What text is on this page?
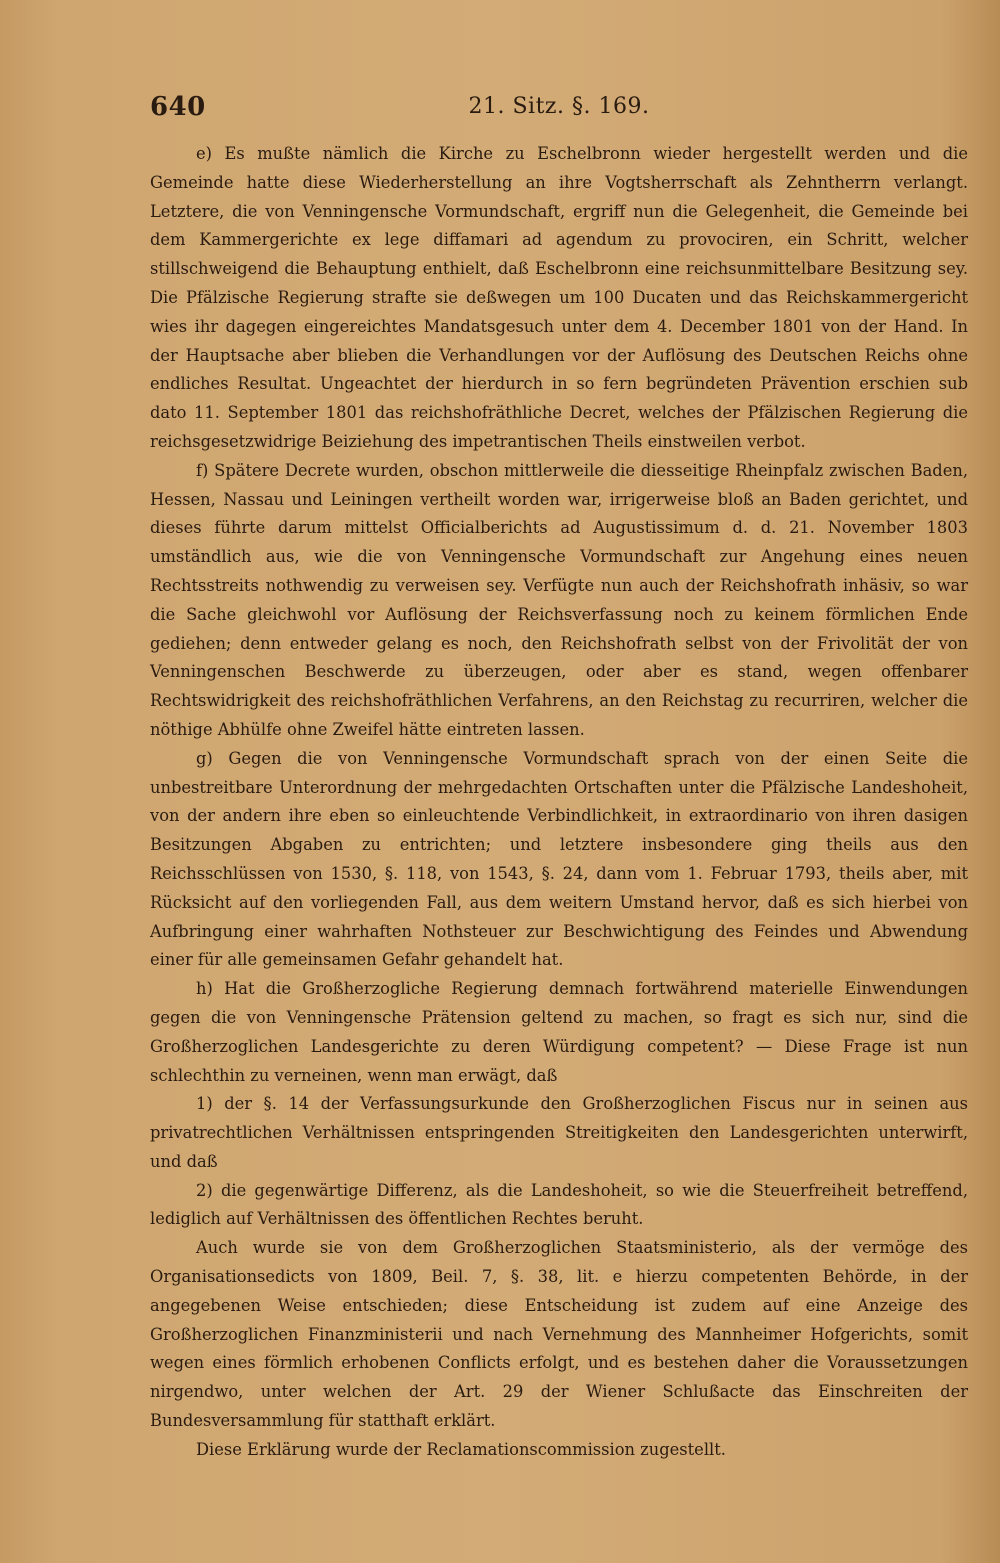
640	21. Sitz. §. 169.

e) Es mußte nämlich die Kirche zu Eschelbronn wieder hergestellt werden und die Gemeinde hatte diese Wiederherstellung an ihre Vogtsherrschaft als Zehntherrn verlangt. Letztere, die von Venningensche Vormundschaft, ergriff nun die Gelegenheit, die Gemeinde bei dem Kammergerichte ex lege diffamari ad agendum zu provociren, ein Schritt, welcher stillschweigend die Behauptung enthielt, daß Eschelbronn eine reichsunmittelbare Besitzung sey. Die Pfälzische Regierung strafte sie deßwegen um 100 Ducaten und das Reichskammergericht wies ihr dagegen eingereichtes Mandatsgesuch unter dem 4. December 1801 von der Hand. In der Hauptsache aber blieben die Verhandlungen vor der Auflösung des Deutschen Reichs ohne endliches Resultat. Ungeachtet der hierdurch in so fern begründeten Prävention erschien sub dato 11. September 1801 das reichshofräthliche Decret, welches der Pfälzischen Regierung die reichsgesetzwidrige Beiziehung des impetrantischen Theils einstweilen verbot.

f) Spätere Decrete wurden, obschon mittlerweile die diesseitige Rheinpfalz zwischen Baden, Hessen, Nassau und Leiningen vertheilt worden war, irrigerweise bloß an Baden gerichtet, und dieses führte darum mittelst Officialberichts ad Augustissimum d. d. 21. November 1803 umständlich aus, wie die von Venningensche Vormundschaft zur Angehung eines neuen Rechtsstreits nothwendig zu verweisen sey. Verfügte nun auch der Reichshofrath inhäsiv, so war die Sache gleichwohl vor Auflösung der Reichsverfassung noch zu keinem förmlichen Ende gediehen; denn entweder gelang es noch, den Reichshofrath selbst von der Frivolität der von Venningenschen Beschwerde zu überzeugen, oder aber es stand, wegen offenbarer Rechtswidrigkeit des reichshofräthlichen Verfahrens, an den Reichstag zu recurriren, welcher die nöthige Abhülfe ohne Zweifel hätte eintreten lassen.

g) Gegen die von Venningensche Vormundschaft sprach von der einen Seite die unbestreitbare Unterordnung der mehrgedachten Ortschaften unter die Pfälzische Landeshoheit, von der andern ihre eben so einleuchtende Verbindlichkeit, in extraordinario von ihren dasigen Besitzungen Abgaben zu entrichten; und letztere insbesondere ging theils aus den Reichsschlüssen von 1530, §. 118, von 1543, §. 24, dann vom 1. Februar 1793, theils aber, mit Rücksicht auf den vorliegenden Fall, aus dem weitern Umstand hervor, daß es sich hierbei von Aufbringung einer wahrhaften Nothsteuer zur Beschwichtigung des Feindes und Abwendung einer für alle gemeinsamen Gefahr gehandelt hat.

h) Hat die Großherzogliche Regierung demnach fortwährend materielle Einwendungen gegen die von Venningensche Prätension geltend zu machen, so fragt es sich nur, sind die Großherzoglichen Landesgerichte zu deren Würdigung competent? — Diese Frage ist nun schlechthin zu verneinen, wenn man erwägt, daß

1) der §. 14 der Verfassungsurkunde den Großherzoglichen Fiscus nur in seinen aus privatrechtlichen Verhältnissen entspringenden Streitigkeiten den Landesgerichten unterwirft, und daß

2) die gegenwärtige Differenz, als die Landeshoheit, so wie die Steuerfreiheit betreffend, lediglich auf Verhältnissen des öffentlichen Rechtes beruht.

Auch wurde sie von dem Großherzoglichen Staatsministerio, als der vermöge des Organisationsedicts von 1809, Beil. 7, §. 38, lit. e hierzu competenten Behörde, in der angegebenen Weise entschieden; diese Entscheidung ist zudem auf eine Anzeige des Großherzoglichen Finanzministerii und nach Vernehmung des Mannheimer Hofgerichts, somit wegen eines förmlich erhobenen Conflicts erfolgt, und es bestehen daher die Voraussetzungen nirgendwo, unter welchen der Art. 29 der Wiener Schlußacte das Einschreiten der Bundesversammlung für statthaft erklärt.

Diese Erklärung wurde der Reclamationscommission zugestellt.
